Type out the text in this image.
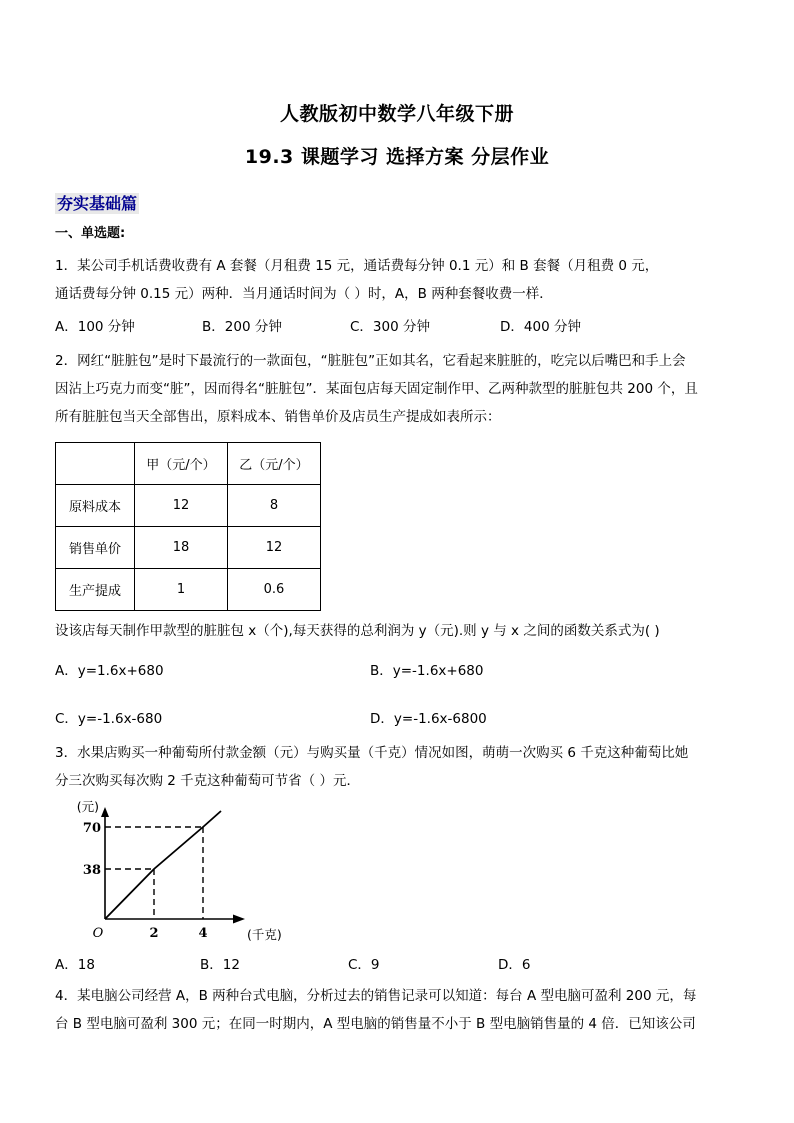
人教版初中数学八年级下册
19.3 课题学习 选择方案 分层作业
夯实基础篇

一、单选题:

1．某公司手机话费收费有 A 套餐（月租费 15 元，通话费每分钟 0.1 元）和 B 套餐（月租费 0 元，

通话费每分钟 0.15 元）两种．当月通话时间为（ ）时，A，B 两种套餐收费一样．

A．100 分钟	B．200 分钟	C．300 分钟	D．400 分钟

2．网红“脏脏包”是时下最流行的一款面包，“脏脏包”正如其名，它看起来脏脏的，吃完以后嘴巴和手上会

因沾上巧克力而变“脏”，因而得名“脏脏包”．某面包店每天固定制作甲、乙两种款型的脏脏包共 200 个，且

所有脏脏包当天全部售出，原料成本、销售单价及店员生产提成如表所示：

	甲（元/个）	乙（元/个）
原料成本	12	8
销售单价	18	12
生产提成	1	0.6

设该店每天制作甲款型的脏脏包 x（个),每天获得的总利润为 y（元).则 y 与 x 之间的函数关系式为( )

A．y=1.6x+680	B．y=-1.6x+680
C．y=-1.6x-680	D．y=-1.6x-6800

3．水果店购买一种葡萄所付款金额（元）与购买量（千克）情况如图，萌萌一次购买 6 千克这种葡萄比她

分三次购买每次购 2 千克这种葡萄可节省（ ）元．

70
38
2	4
O
(元)
(千克)
A．18	B．12	C．9	D．6

4．某电脑公司经营 A，B 两种台式电脑，分析过去的销售记录可以知道：每台 A 型电脑可盈利 200 元，每

台 B 型电脑可盈利 300 元；在同一时期内，A 型电脑的销售量不小于 B 型电脑销售量的 4 倍．已知该公司
